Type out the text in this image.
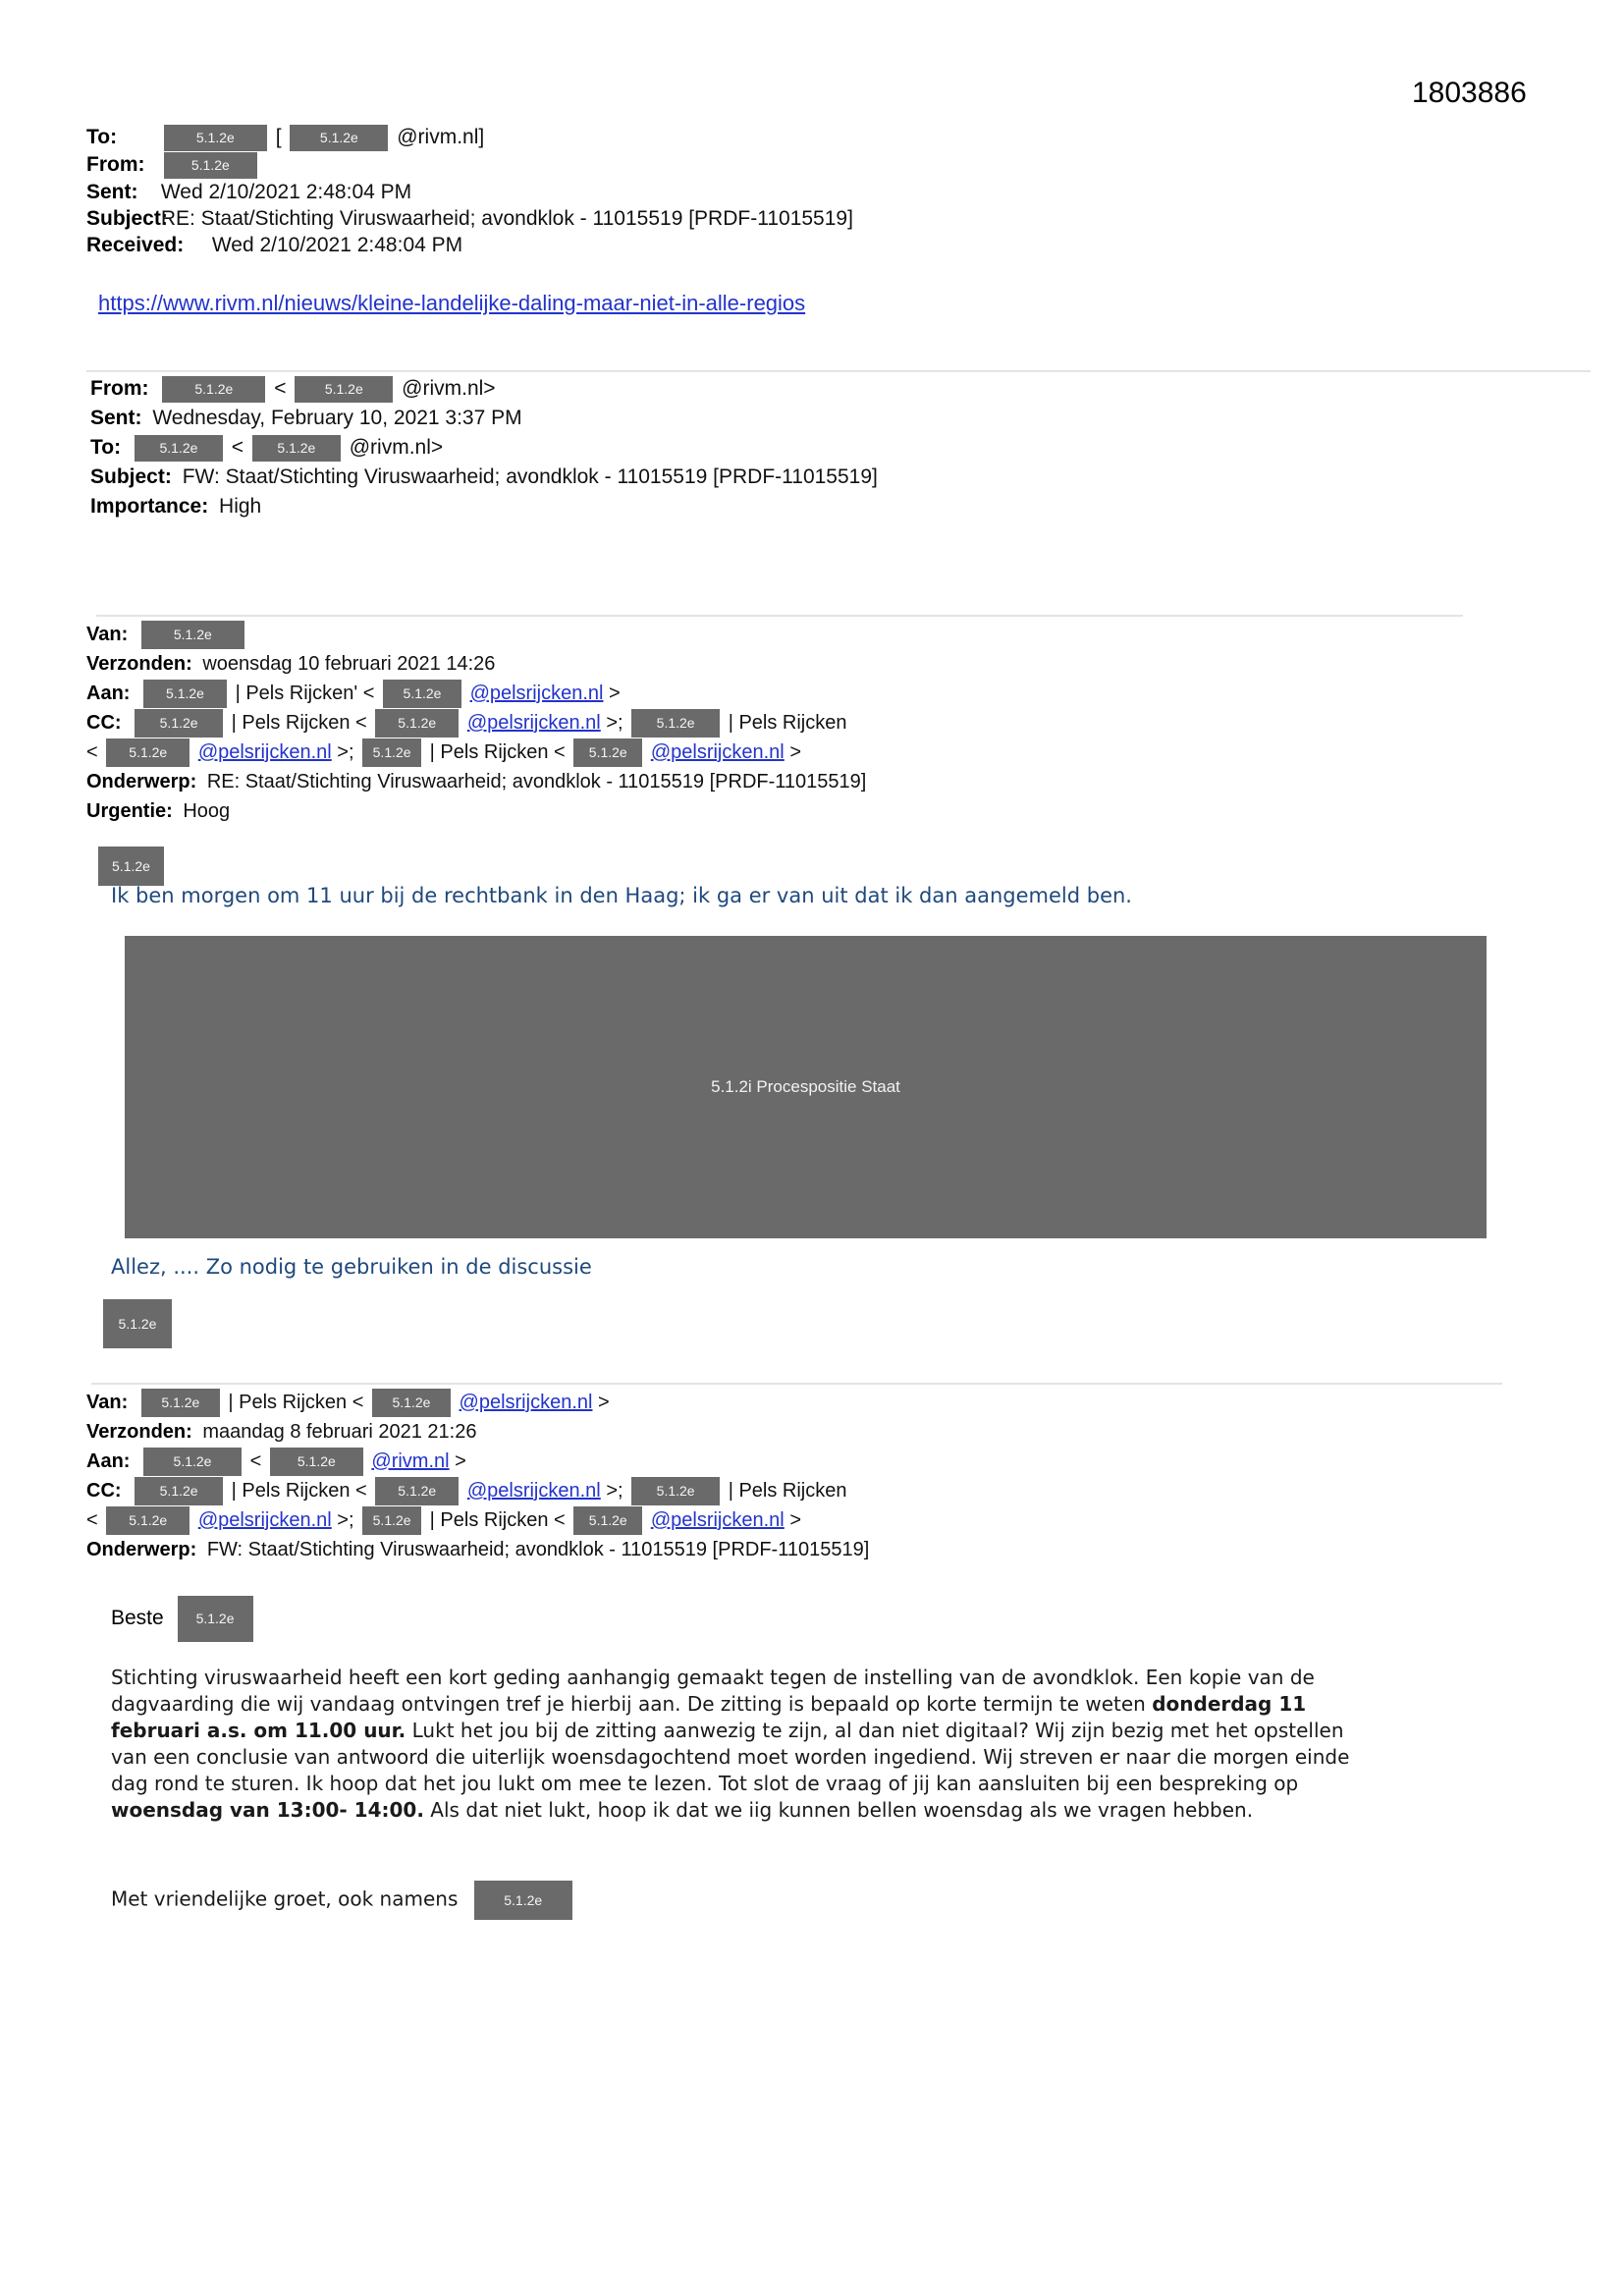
1803886
To:	5.1.2e [	5.1.2e @rivm.nl]
From:	5.1.2e
Sent: Wed 2/10/2021 2:48:04 PM
Subject: RE: Staat/Stichting Viruswaarheid; avondklok - 11015519 [PRDF-11015519]
Received: Wed 2/10/2021 2:48:04 PM
https://www.rivm.nl/nieuws/kleine-landelijke-daling-maar-niet-in-alle-regios
From:	5.1.2e <	5.1.2e @rivm.nl>
Sent: Wednesday, February 10, 2021 3:37 PM
To:	5.1.2e < 5.1.2e @rivm.nl>
Subject: FW: Staat/Stichting Viruswaarheid; avondklok - 11015519 [PRDF-11015519]
Importance: High
Van:	5.1.2e
Verzonden: woensdag 10 februari 2021 14:26
Aan:	5.1.2e | Pels Rijcken' < 5.1.2e @pelsrijcken.nl >
CC:	5.1.2e | Pels Rijcken < 5.1.2e @pelsrijcken.nl >; 5.1.2e | Pels Rijcken
< 5.1.2e @pelsrijcken.nl >; 5.1.2e | Pels Rijcken < 5.1.2e @pelsrijcken.nl >
Onderwerp: RE: Staat/Stichting Viruswaarheid; avondklok - 11015519 [PRDF-11015519]
Urgentie: Hoog
5.1.2e
Ik ben morgen om 11 uur bij de rechtbank in den Haag; ik ga er van uit dat ik dan aangemeld ben.
5.1.2i Procespositie Staat
Allez, .... Zo nodig te gebruiken in de discussie
5.1.2e
Van: 5.1.2e | Pels Rijcken < 5.1.2e @pelsrijcken.nl >
Verzonden: maandag 8 februari 2021 21:26
Aan:	5.1.2e <	5.1.2e @rivm.nl >
CC:	5.1.2e | Pels Rijcken < 5.1.2e @pelsrijcken.nl >; 5.1.2e | Pels Rijcken
< 5.1.2e @pelsrijcken.nl >; 5.1.2e | Pels Rijcken < 5.1.2e @pelsrijcken.nl >
Onderwerp: FW: Staat/Stichting Viruswaarheid; avondklok - 11015519 [PRDF-11015519]
Beste 5.1.2e
Stichting viruswaarheid heeft een kort geding aanhangig gemaakt tegen de instelling van de avondklok. Een kopie van de dagvaarding die wij vandaag ontvingen tref je hierbij aan. De zitting is bepaald op korte termijn te weten donderdag 11 februari a.s. om 11.00 uur. Lukt het jou bij de zitting aanwezig te zijn, al dan niet digitaal? Wij zijn bezig met het opstellen van een conclusie van antwoord die uiterlijk woensdagochtend moet worden ingediend. Wij streven er naar die morgen einde dag rond te sturen. Ik hoop dat het jou lukt om mee te lezen. Tot slot de vraag of jij kan aansluiten bij een bespreking op woensdag van 13:00- 14:00. Als dat niet lukt, hoop ik dat we iig kunnen bellen woensdag als we vragen hebben.
Met vriendelijke groet, ook namens	5.1.2e
